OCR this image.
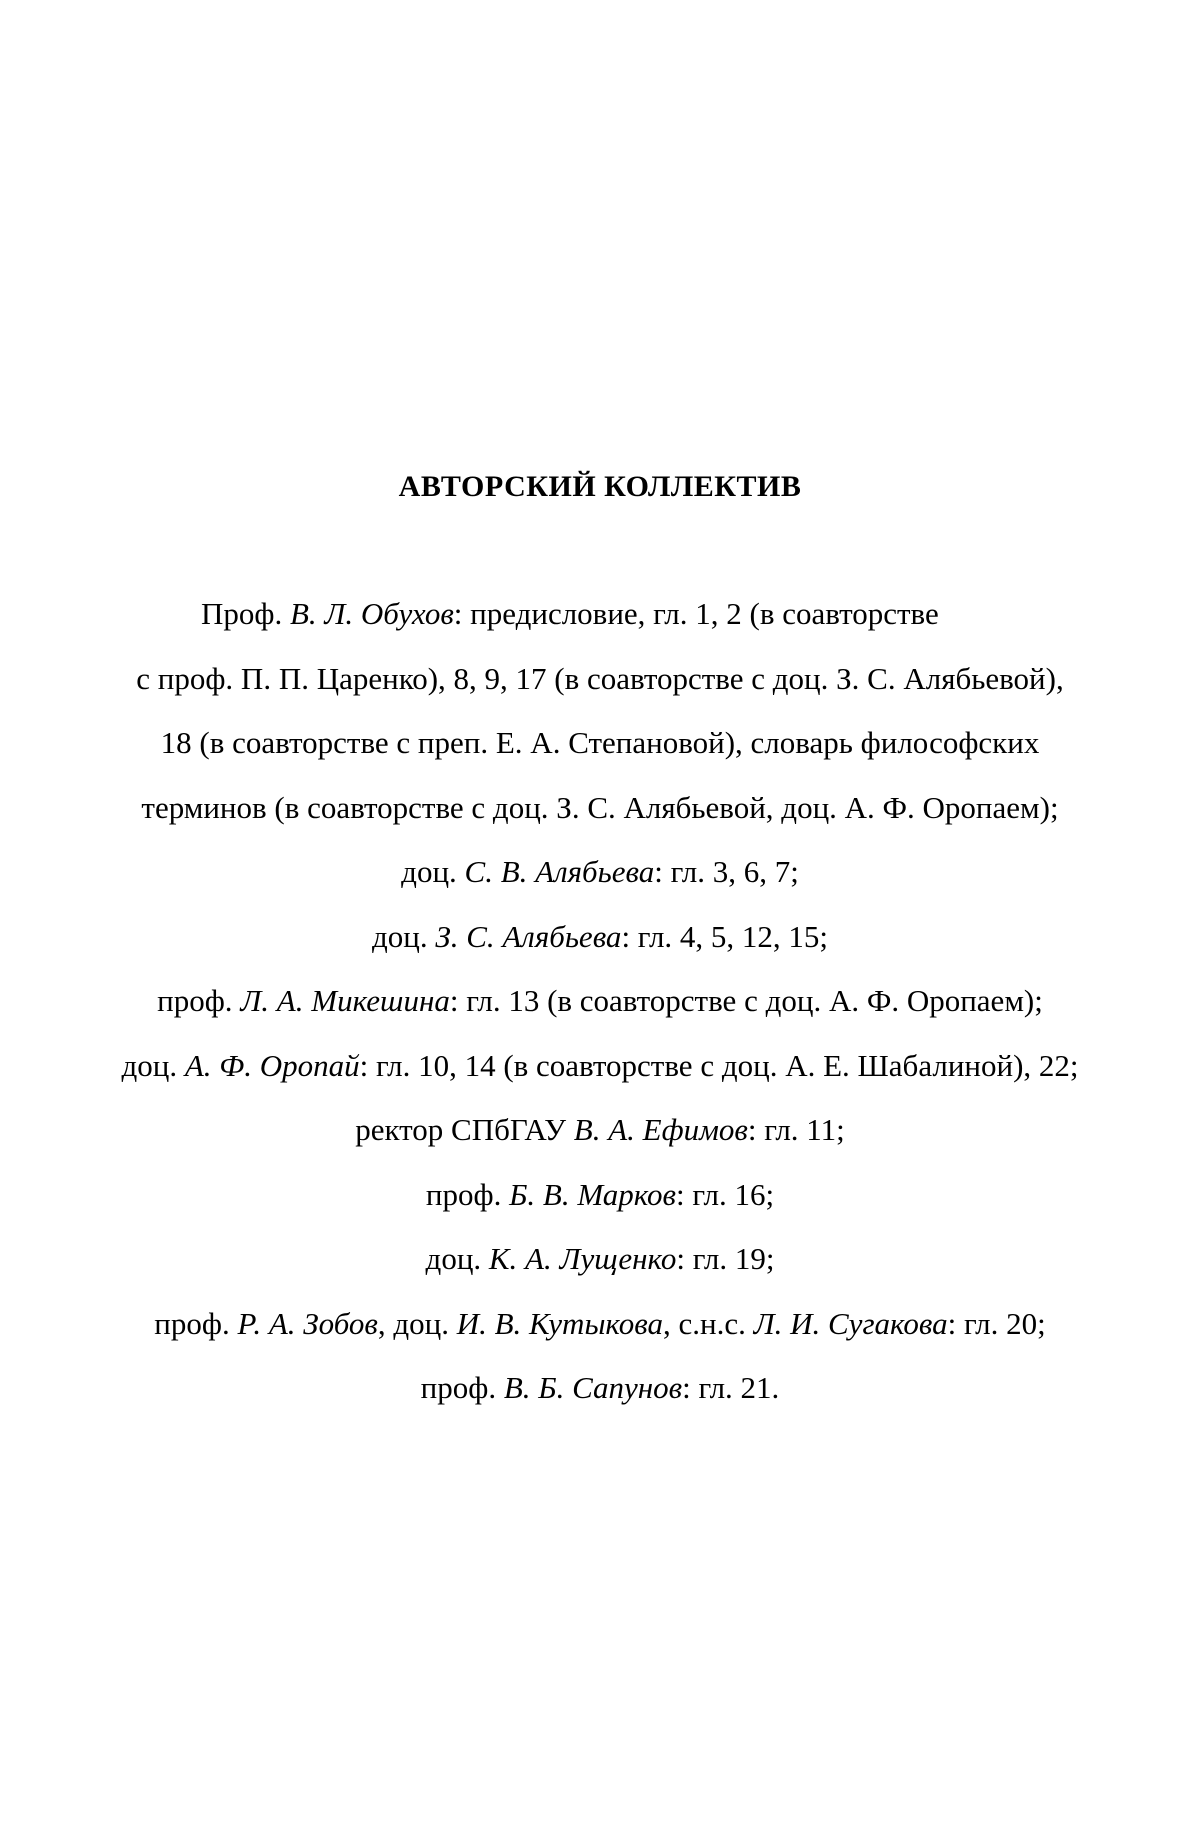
АВТОРСКИЙ КОЛЛЕКТИВ
Проф. В. Л. Обухов: предисловие, гл. 1, 2 (в соавторстве
с проф. П. П. Царенко), 8, 9, 17 (в соавторстве с доц. З. С. Алябьевой),
18 (в соавторстве с преп. Е. А. Степановой), словарь философских
терминов (в соавторстве с доц. З. С. Алябьевой, доц. А. Ф. Оропаем);
доц. С. В. Алябьева: гл. 3, 6, 7;
доц. З. С. Алябьева: гл. 4, 5, 12, 15;
проф. Л. А. Микешина: гл. 13 (в соавторстве с доц. А. Ф. Оропаем);
доц. А. Ф. Оропай: гл. 10, 14 (в соавторстве с доц. А. Е. Шабалиной), 22;
ректор СПбГАУ В. А. Ефимов: гл. 11;
проф. Б. В. Марков: гл. 16;
доц. К. А. Лущенко: гл. 19;
проф. Р. А. Зобов, доц. И. В. Кутыкова, с.н.с. Л. И. Сугакова: гл. 20;
проф. В. Б. Сапунов: гл. 21.
